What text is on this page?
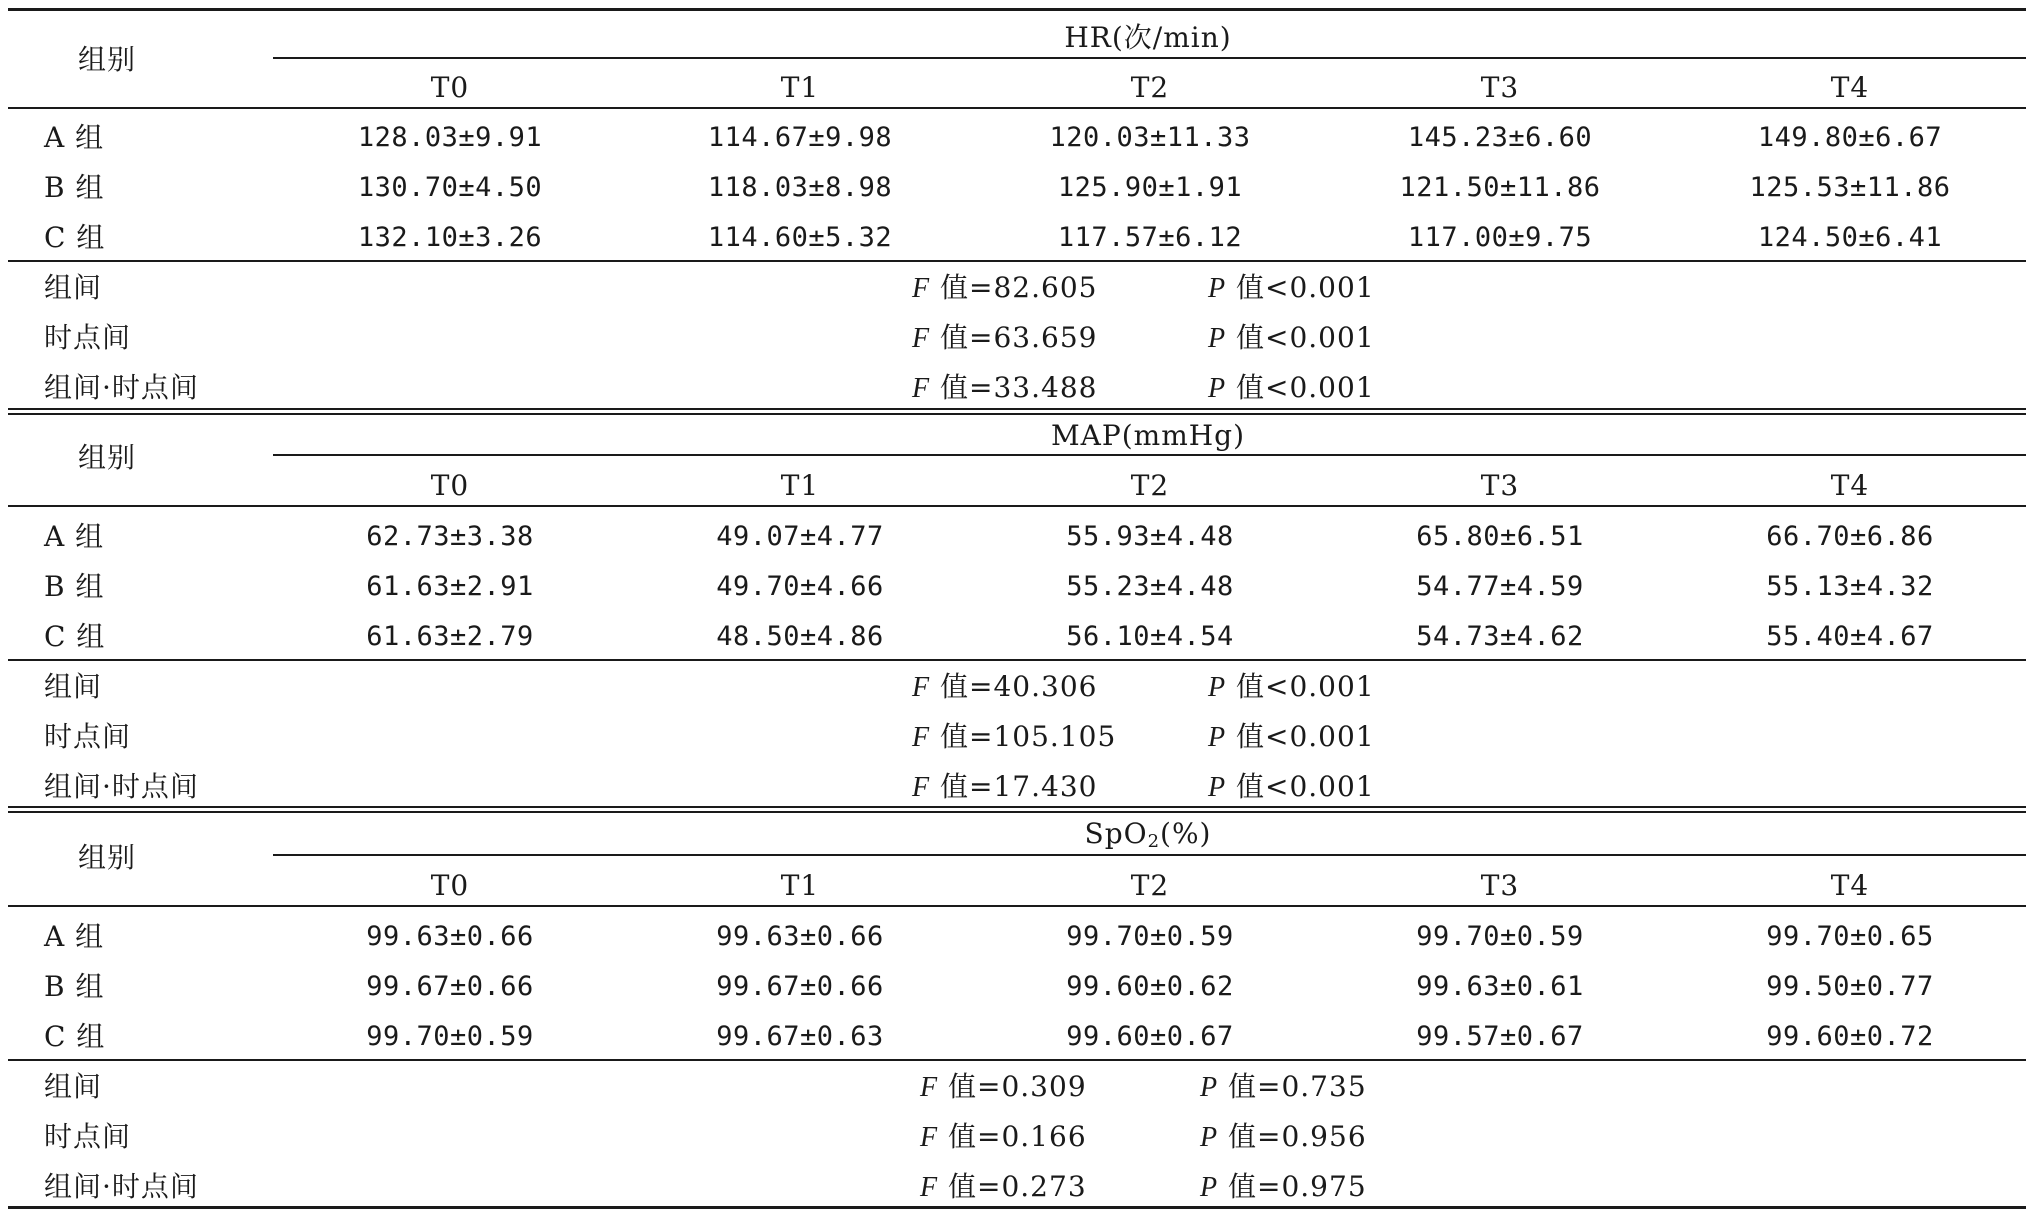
组别
HR(次/min)
T0	T1	T2	T3	T4
A 组	128.03±9.91	114.67±9.98	120.03±11.33	145.23±6.60	149.80±6.67
B 组	130.70±4.50	118.03±8.98	125.90±1.91	121.50±11.86	125.53±11.86
C 组	132.10±3.26	114.60±5.32	117.57±6.12	117.00±9.75	124.50±6.41
组间	F 值=82.605	P 值<0.001
时点间	F 值=63.659	P 值<0.001
组间·时点间	F 值=33.488	P 值<0.001
组别
MAP(mmHg)
T0	T1	T2	T3	T4
A 组	62.73±3.38	49.07±4.77	55.93±4.48	65.80±6.51	66.70±6.86
B 组	61.63±2.91	49.70±4.66	55.23±4.48	54.77±4.59	55.13±4.32
C 组	61.63±2.79	48.50±4.86	56.10±4.54	54.73±4.62	55.40±4.67
组间	F 值=40.306	P 值<0.001
时点间	F 值=105.105	P 值<0.001
组间·时点间	F 值=17.430	P 值<0.001
组别
SpO$_2$(%)
T0	T1	T2	T3	T4
A 组	99.63±0.66	99.63±0.66	99.70±0.59	99.70±0.59	99.70±0.65
B 组	99.67±0.66	99.67±0.66	99.60±0.62	99.63±0.61	99.50±0.77
C 组	99.70±0.59	99.67±0.63	99.60±0.67	99.57±0.67	99.60±0.72
组间	F 值=0.309	P 值=0.735
时点间	F 值=0.166	P 值=0.956
组间·时点间	F 值=0.273	P 值=0.975
